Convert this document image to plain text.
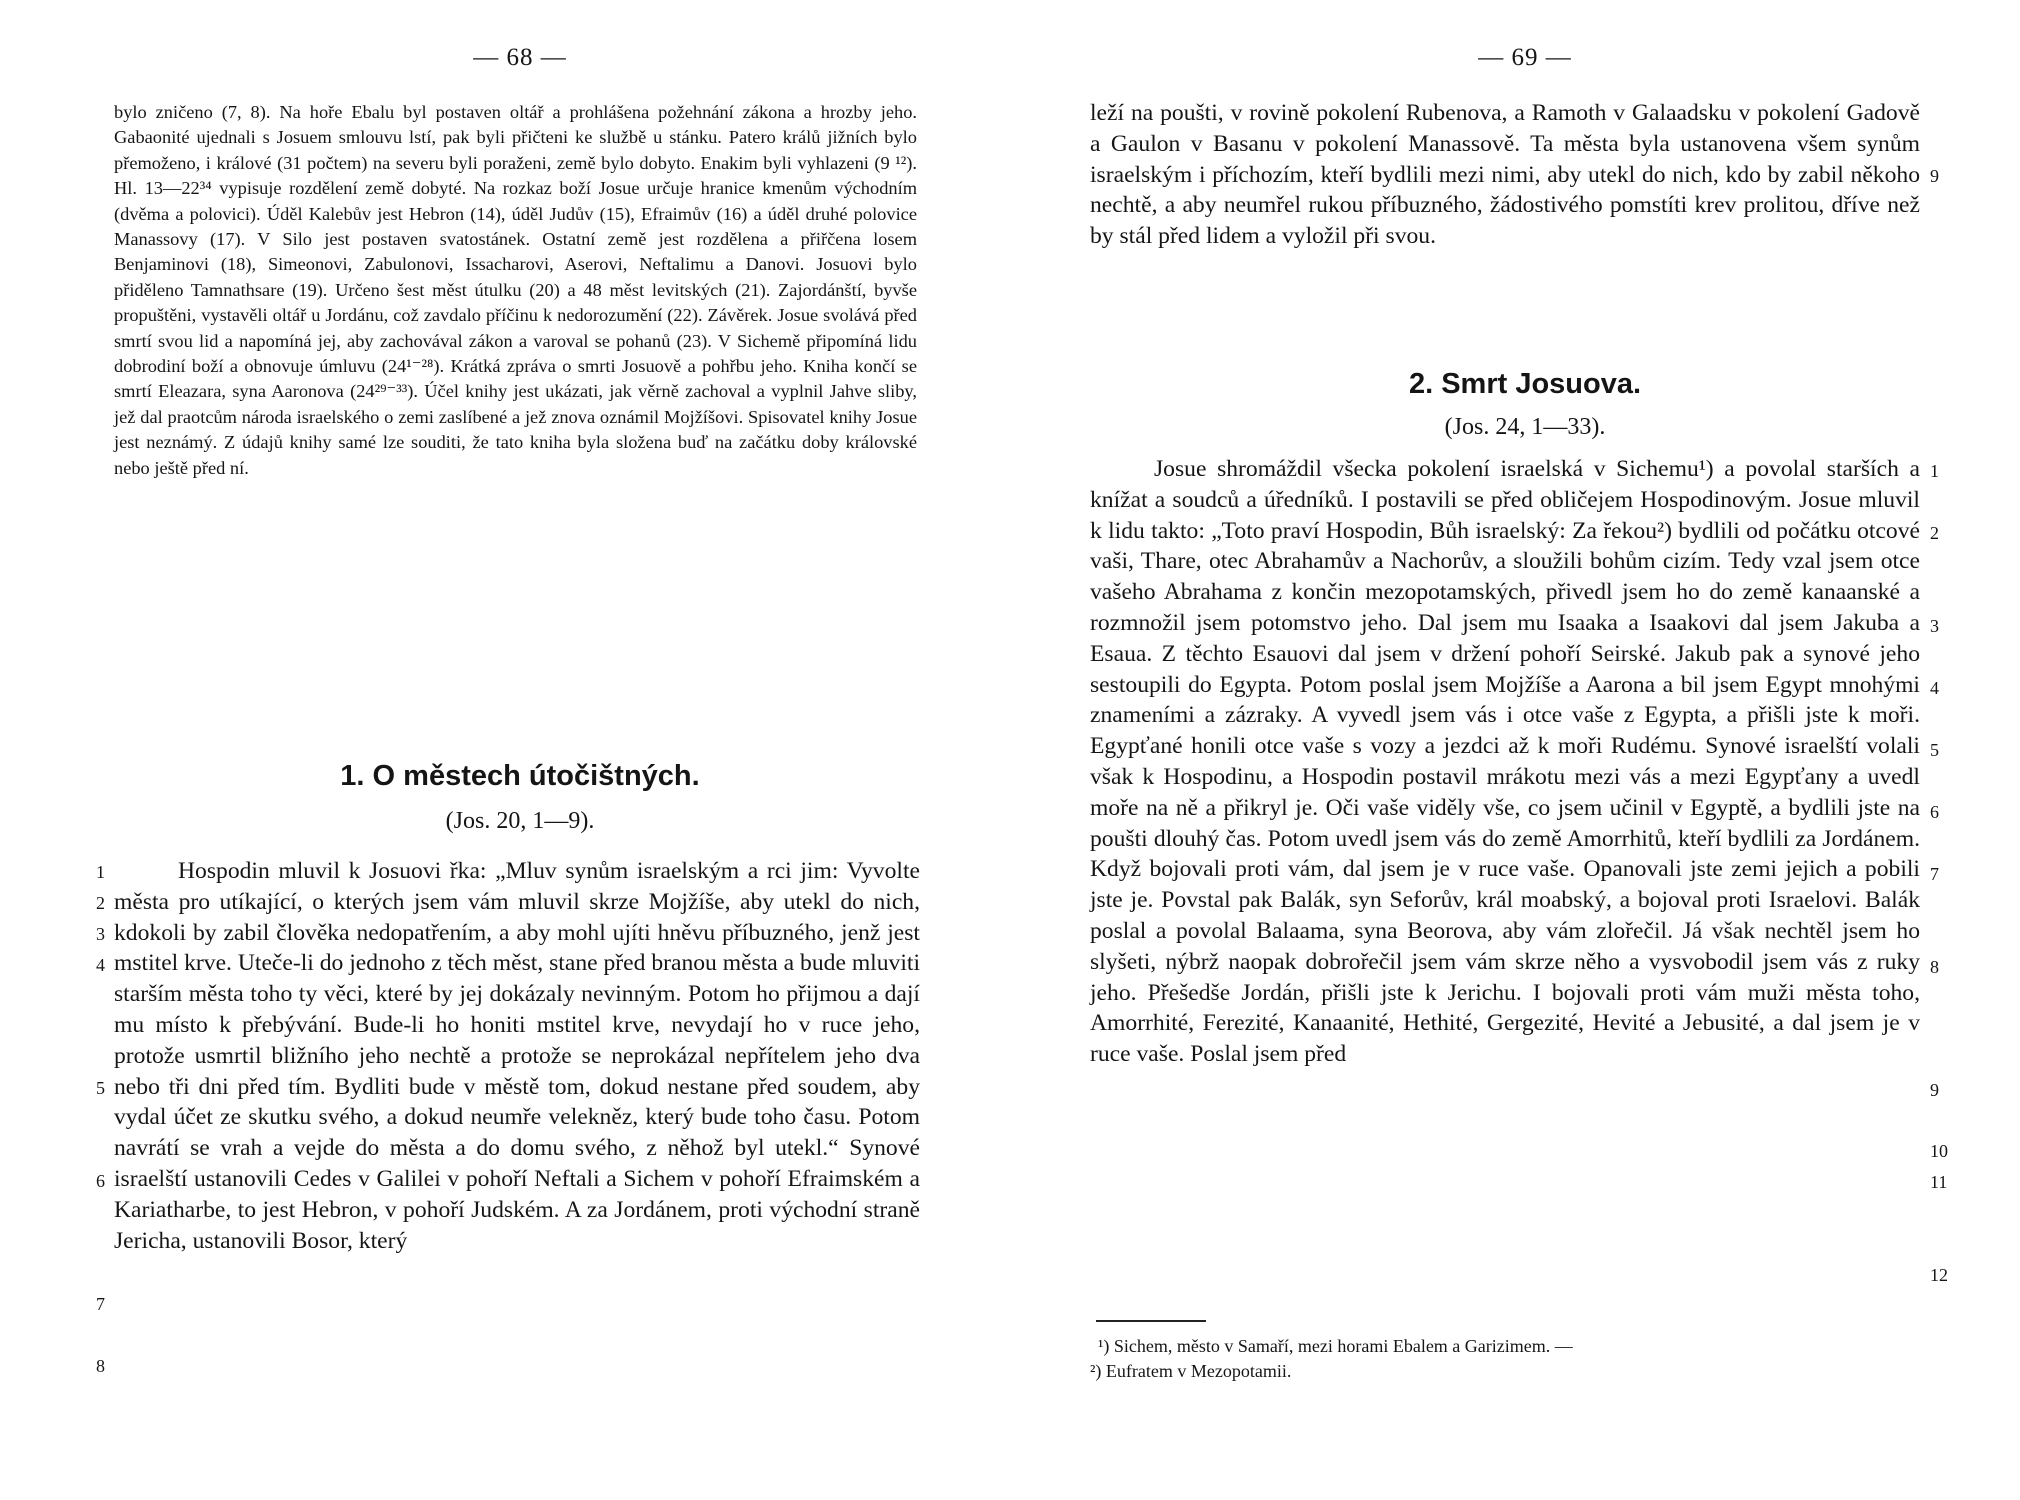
— 68 —

bylo zničeno (7, 8). Na hoře Ebalu byl postaven oltář a prohlášena požehnání zákona a hrozby jeho. Gabaonité ujednali s Josuem smlouvu lstí, pak byli přičteni ke službě u stánku. Patero králů jižních bylo přemoženo, i králové (31 počtem) na severu byli poraženi, země bylo dobyto. Enakim byli vyhlazeni (9 ¹²). Hl. 13—22³⁴ vypisuje rozdělení země dobyté. Na rozkaz boží Josue určuje hranice kmenům východním (dvěma a polovici). Úděl Kalebův jest Hebron (14), úděl Judův (15), Efraimův (16) a úděl druhé polovice Manassovy (17). V Silo jest postaven svatostánek. Ostatní země jest rozdělena a přiřčena losem Benjaminovi (18), Simeonovi, Zabulonovi, Issacharovi, Aserovi, Neftalimu a Danovi. Josuovi bylo přiděleno Tamnathsare (19). Určeno šest měst útulku (20) a 48 měst levitských (21). Zajordánští, byvše propuštěni, vystavěli oltář u Jordánu, což zavdalo příčinu k nedorozumění (22). Závěrek. Josue svolává před smrtí svou lid a napomíná jej, aby zachovával zákon a varoval se pohanů (23). V Sichemě připomíná lidu dobrodiní boží a obnovuje úmluvu (24¹⁻²⁸). Krátká zpráva o smrti Josuově a pohřbu jeho. Kniha končí se smrtí Eleazara, syna Aaronova (24²⁹⁻³³). Účel knihy jest ukázati, jak věrně zachoval a vyplnil Jahve sliby, jež dal praotcům národa israelského o zemi zaslíbené a jež znova oznámil Mojžíšovi. Spisovatel knihy Josue jest neznámý. Z údajů knihy samé lze souditi, že tato kniha byla složena buď na začátku doby královské nebo ještě před ní.

1. O městech útočištných.
(Jos. 20, 1—9).
1
2
3
4
5
6
7
8

Hospodin mluvil k Josuovi řka: „Mluv synům israelským a rci jim: Vyvolte města pro utíkající, o kterých jsem vám mluvil skrze Mojžíše, aby utekl do nich, kdokoli by zabil člověka nedopatřením, a aby mohl ujíti hněvu příbuzného, jenž jest mstitel krve. Uteče-li do jednoho z těch měst, stane před branou města a bude mluviti starším města toho ty věci, které by jej dokázaly nevinným. Potom ho přijmou a dají mu místo k přebývání. Bude-li ho honiti mstitel krve, nevydají ho v ruce jeho, protože usmrtil bližního jeho nechtě a protože se neprokázal nepřítelem jeho dva nebo tři dni před tím. Bydliti bude v městě tom, dokud nestane před soudem, aby vydal účet ze skutku svého, a dokud neumře velekněz, který bude toho času. Potom navrátí se vrah a vejde do města a do domu svého, z něhož byl utekl.“ Synové israelští ustanovili Cedes v Galilei v pohoří Neftali a Sichem v pohoří Efraimském a Kariatharbe, to jest Hebron, v pohoří Judském. A za Jordánem, proti východní straně Jericha, ustanovili Bosor, který

— 69 —

leží na poušti, v rovině pokolení Rubenova, a Ramoth v Galaadsku v pokolení Gadově a Gaulon v Basanu v pokolení Manassově. Ta města byla ustanovena všem synům israelským i příchozím, kteří bydlili mezi nimi, aby utekl do nich, kdo by zabil někoho nechtě, a aby neumřel rukou příbuzného, žádostivého pomstíti krev prolitou, dříve než by stál před lidem a vyložil při svou.

2. Smrt Josuova.
(Jos. 24, 1—33).
9
1
2
3
4
5
6
7
8
9
10
11
12

Josue shromáždil všecka pokolení israelská v Sichemu¹) a povolal starších a knížat a soudců a úředníků. I postavili se před obličejem Hospodinovým. Josue mluvil k lidu takto: „Toto praví Hospodin, Bůh israelský: Za řekou²) bydlili od počátku otcové vaši, Thare, otec Abrahamův a Nachorův, a sloužili bohům cizím. Tedy vzal jsem otce vašeho Abrahama z končin mezopotamských, přivedl jsem ho do země kanaanské a rozmnožil jsem potomstvo jeho. Dal jsem mu Isaaka a Isaakovi dal jsem Jakuba a Esaua. Z těchto Esauovi dal jsem v držení pohoří Seirské. Jakub pak a synové jeho sestoupili do Egypta. Potom poslal jsem Mojžíše a Aarona a bil jsem Egypt mnohými znameními a zázraky. A vyvedl jsem vás i otce vaše z Egypta, a přišli jste k moři. Egypťané honili otce vaše s vozy a jezdci až k moři Rudému. Synové israelští volali však k Hospodinu, a Hospodin postavil mrákotu mezi vás a mezi Egypťany a uvedl moře na ně a přikryl je. Oči vaše viděly vše, co jsem učinil v Egyptě, a bydlili jste na poušti dlouhý čas. Potom uvedl jsem vás do země Amorrhitů, kteří bydlili za Jordánem. Když bojovali proti vám, dal jsem je v ruce vaše. Opanovali jste zemi jejich a pobili jste je. Povstal pak Balák, syn Seforův, král moabský, a bojoval proti Israelovi. Balák poslal a povolal Balaama, syna Beorova, aby vám zlořečil. Já však nechtěl jsem ho slyšeti, nýbrž naopak dobrořečil jsem vám skrze něho a vysvobodil jsem vás z ruky jeho. Přešedše Jordán, přišli jste k Jerichu. I bojovali proti vám muži města toho, Amorrhité, Ferezité, Kanaanité, Hethité, Gergezité, Hevité a Jebusité, a dal jsem je v ruce vaše. Poslal jsem před

¹) Sichem, město v Samaří, mezi horami Ebalem a Garizimem. —
²) Eufratem v Mezopotamii.
